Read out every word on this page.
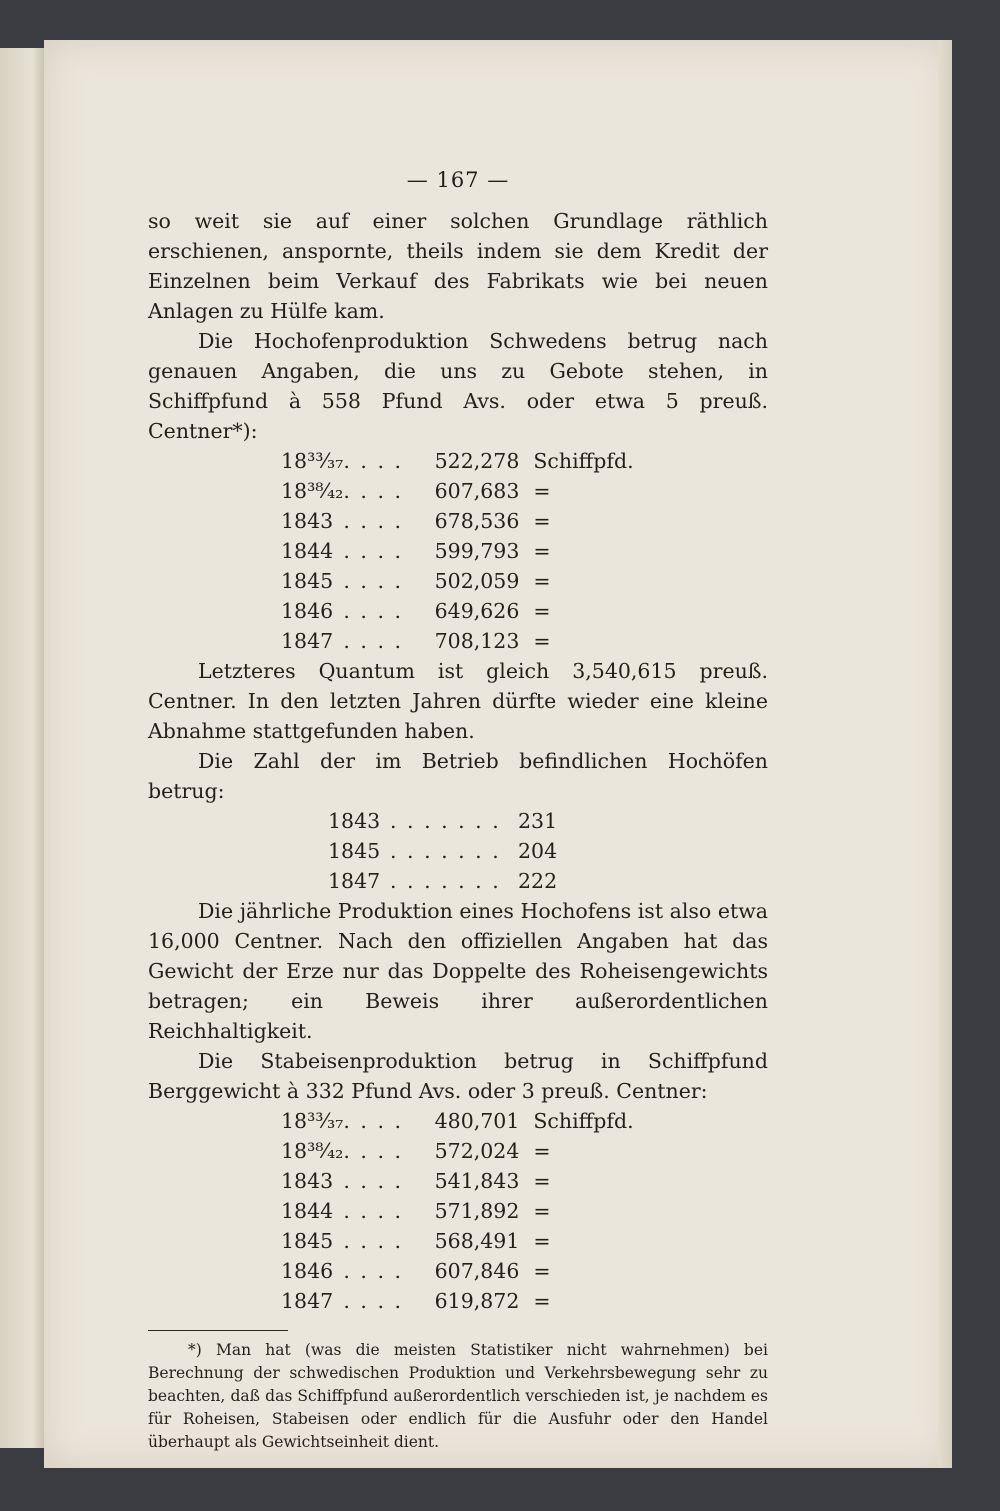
— 167 —

so weit sie auf einer solchen Grundlage räthlich erschienen, anspornte, theils indem sie dem Kredit der Einzelnen beim Verkauf des Fabrikats wie bei neuen Anlagen zu Hülfe kam.

Die Hochofenproduktion Schwedens betrug nach genauen Angaben, die uns zu Gebote stehen, in Schiffpfund à 558 Pfund Avs. oder etwa 5 preuß. Centner*):

18³³⁄₃₇	. . . .	522,278	Schiffpfd.
18³⁸⁄₄₂	. . . .	607,683	=
1843	. . . .	678,536	=
1844	. . . .	599,793	=
1845	. . . .	502,059	=
1846	. . . .	649,626	=
1847	. . . .	708,123	=

Letzteres Quantum ist gleich 3,540,615 preuß. Centner. In den letzten Jahren dürfte wieder eine kleine Abnahme stattgefunden haben.

Die Zahl der im Betrieb befindlichen Hochöfen betrug:

1843	. . . . . . .	231
1845	. . . . . . .	204
1847	. . . . . . .	222

Die jährliche Produktion eines Hochofens ist also etwa 16,000 Centner. Nach den offiziellen Angaben hat das Gewicht der Erze nur das Doppelte des Roheisengewichts betragen; ein Beweis ihrer außerordentlichen Reichhaltigkeit.

Die Stabeisenproduktion betrug in Schiffpfund Berggewicht à 332 Pfund Avs. oder 3 preuß. Centner:

18³³⁄₃₇	. . . .	480,701	Schiffpfd.
18³⁸⁄₄₂	. . . .	572,024	=
1843	. . . .	541,843	=
1844	. . . .	571,892	=
1845	. . . .	568,491	=
1846	. . . .	607,846	=
1847	. . . .	619,872	=

*) Man hat (was die meisten Statistiker nicht wahrnehmen) bei Berechnung der schwedischen Produktion und Verkehrsbewegung sehr zu beachten, daß das Schiffpfund außerordentlich verschieden ist, je nachdem es für Roheisen, Stabeisen oder endlich für die Ausfuhr oder den Handel überhaupt als Gewichtseinheit dient.
